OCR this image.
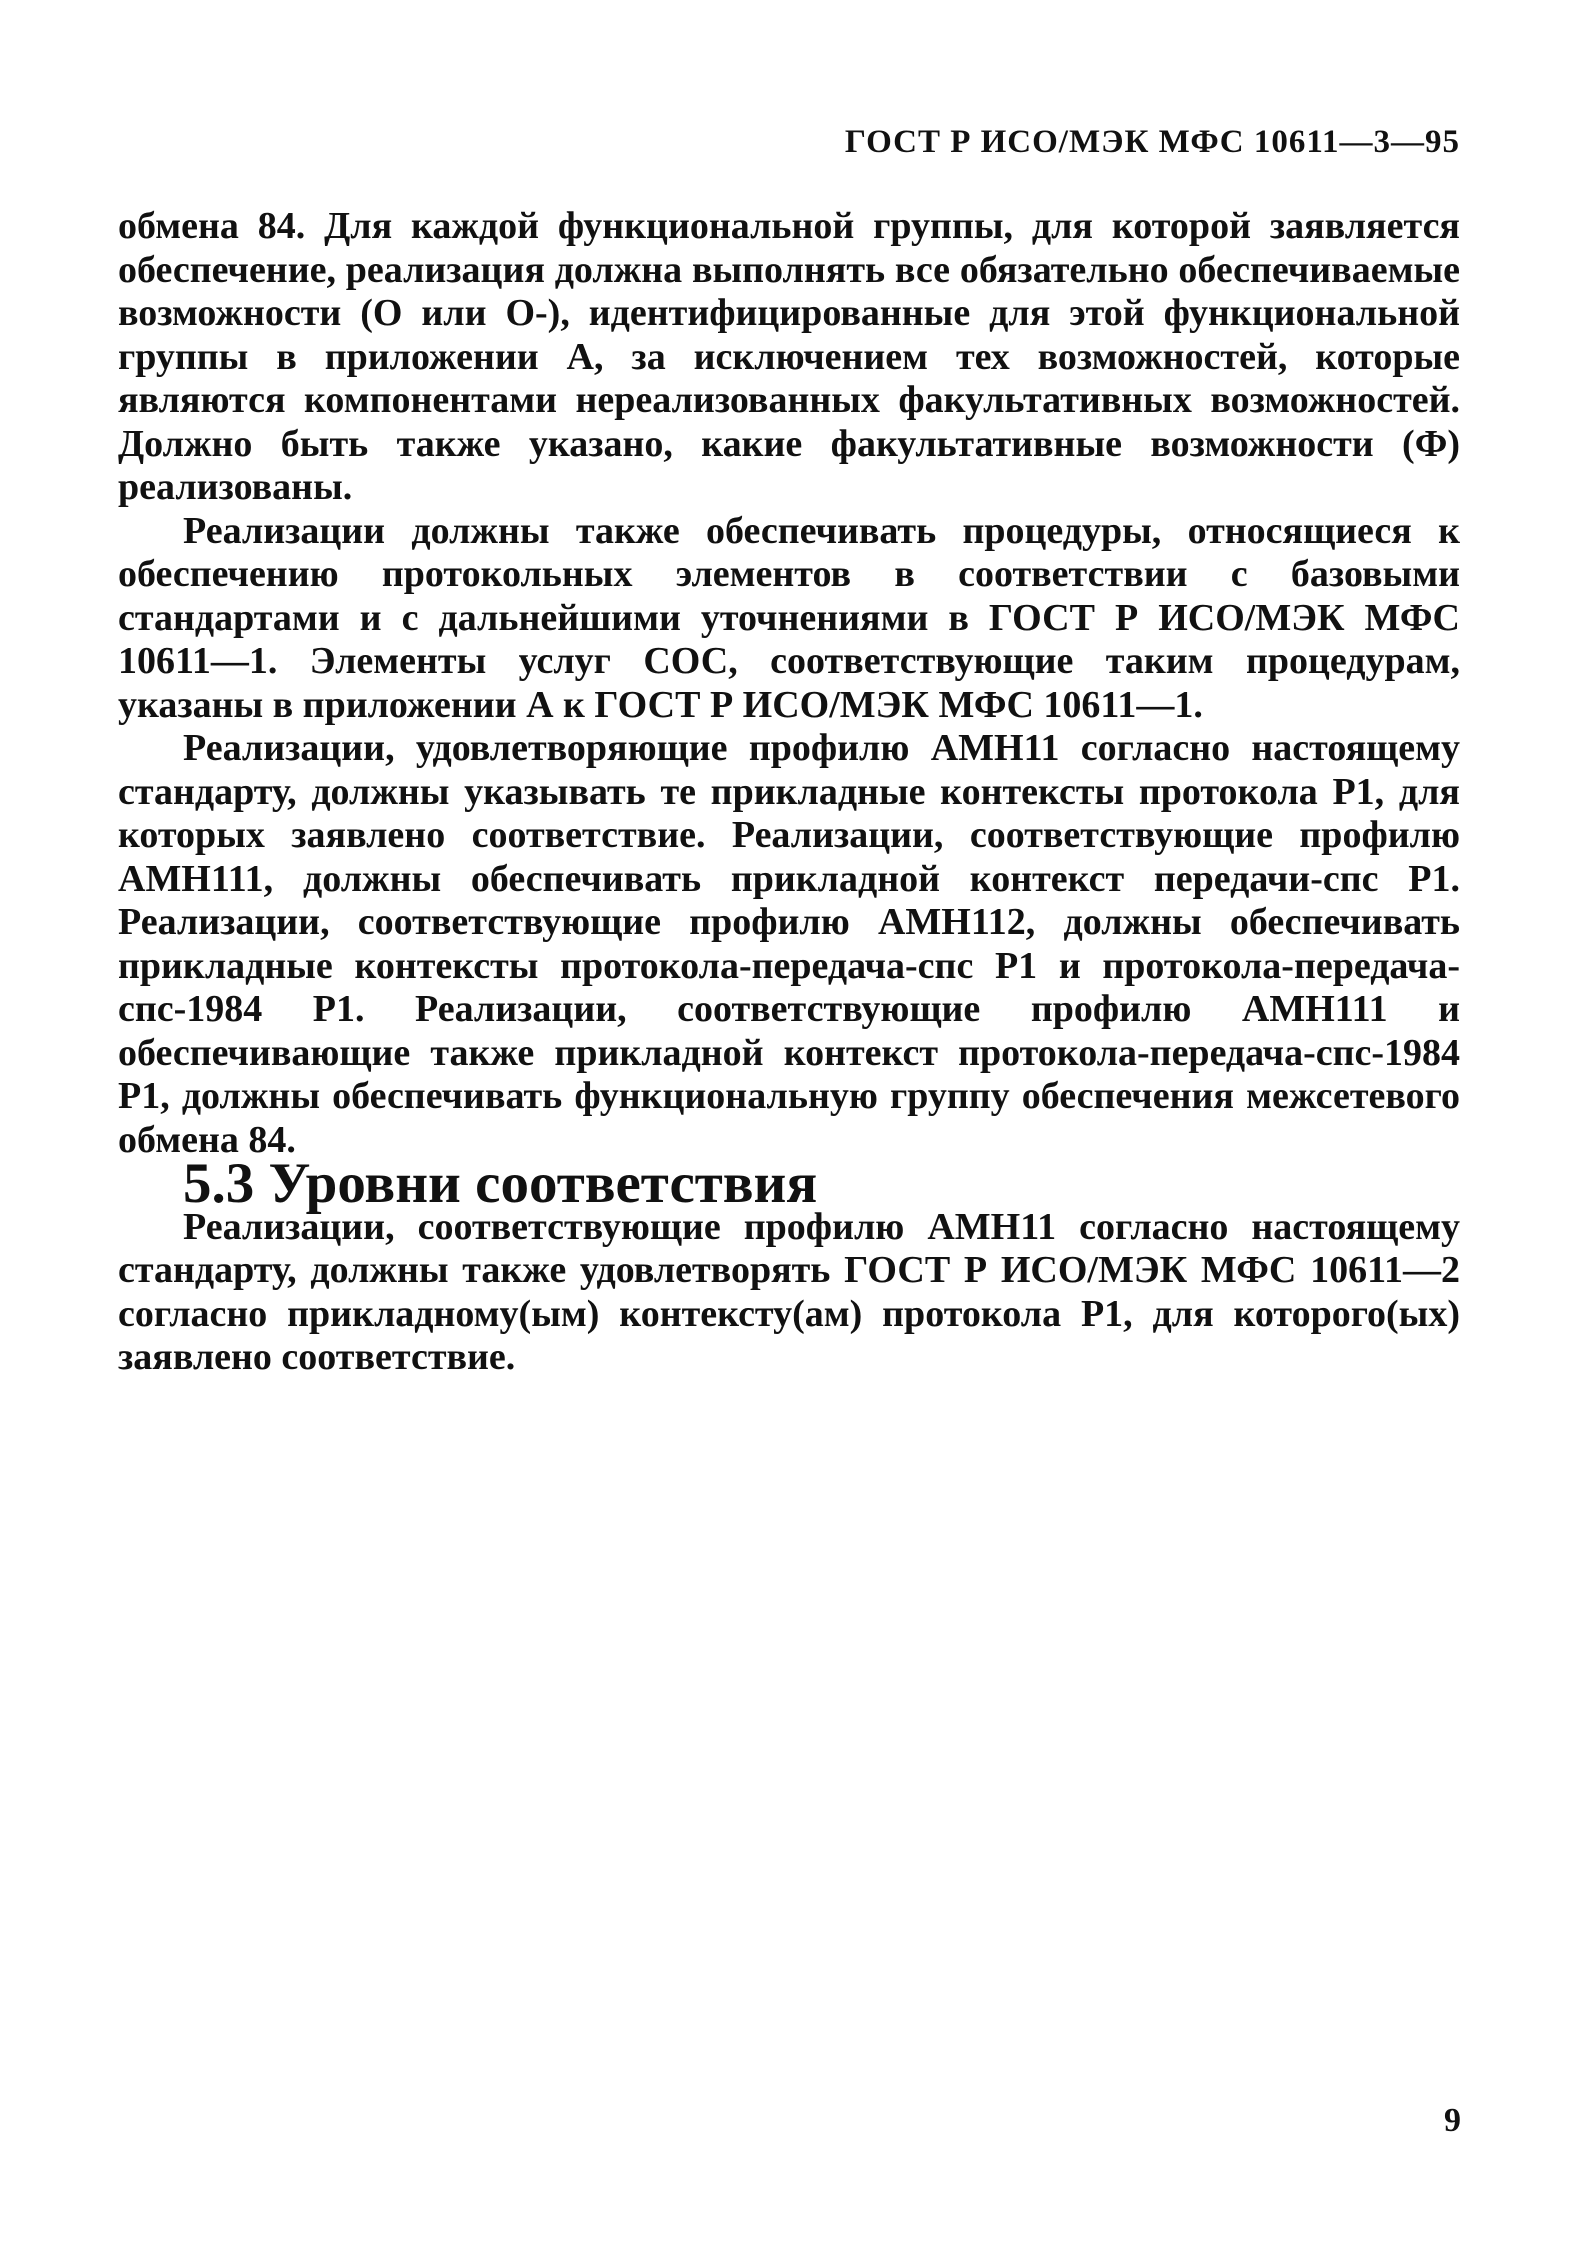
ГОСТ Р ИСО/МЭК МФС 10611—3—95

обмена 84. Для каждой функциональной группы, для которой заявляется обеспечение, реализация должна выполнять все обязательно обеспечиваемые возможности (О или О-), идентифицированные для этой функциональной группы в приложении А, за исключением тех возможностей, которые являются компонентами нереализованных факультативных возможностей. Должно быть также указано, какие факультативные возможности (Ф) реализованы.

Реализации должны также обеспечивать процедуры, относящиеся к обеспечению протокольных элементов в соответствии с базовыми стандартами и с дальнейшими уточнениями в ГОСТ Р ИСО/МЭК МФС 10611—1. Элементы услуг СОС, соответствующие таким процедурам, указаны в приложении А к ГОСТ Р ИСО/МЭК МФС 10611—1.

Реализации, удовлетворяющие профилю АМН11 согласно настоящему стандарту, должны указывать те прикладные контексты протокола Р1, для которых заявлено соответствие. Реализации, соответствующие профилю АМН111, должны обеспечивать прикладной контекст передачи-спс Р1. Реализации, соответствующие профилю АМН112, должны обеспечивать прикладные контексты протокола-передача-спс Р1 и протокола-передача-спс-1984 Р1. Реализации, соответствующие профилю АМН111 и обеспечивающие также прикладной контекст протокола-передача-спс-1984 Р1, должны обеспечивать функциональную группу обеспечения межсетевого обмена 84.

5.3 Уровни соответствия

Реализации, соответствующие профилю АМН11 согласно настоящему стандарту, должны также удовлетворять ГОСТ Р ИСО/МЭК МФС 10611—2 согласно прикладному(ым) контексту(ам) протокола Р1, для которого(ых) заявлено соответствие.

9
